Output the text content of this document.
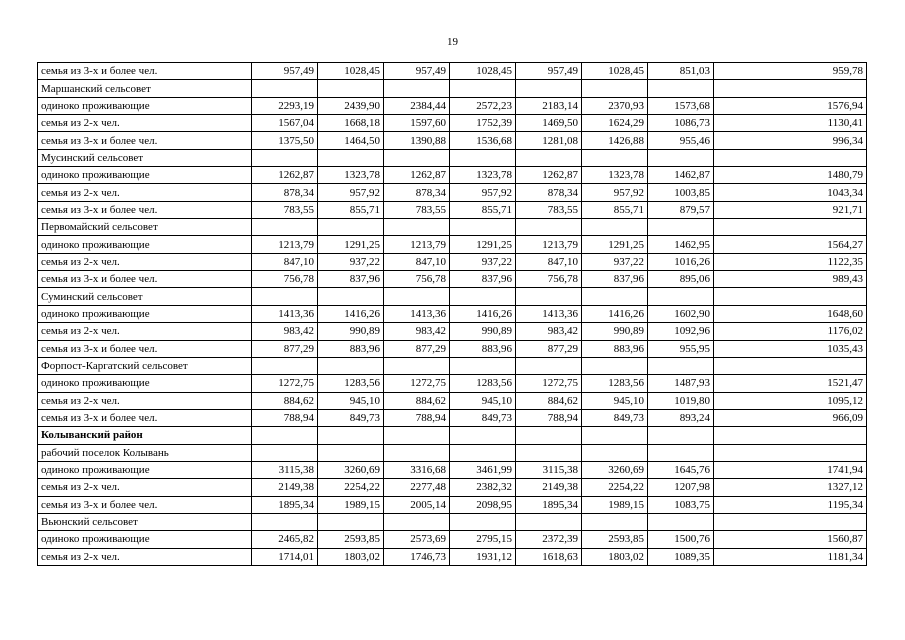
19
семья из 3-х и более чел.	957,49	1028,45	957,49	1028,45	957,49	1028,45	851,03	959,78
Маршанский сельсовет								
одиноко проживающие	2293,19	2439,90	2384,44	2572,23	2183,14	2370,93	1573,68	1576,94
семья из 2-х чел.	1567,04	1668,18	1597,60	1752,39	1469,50	1624,29	1086,73	1130,41
семья из 3-х и более чел.	1375,50	1464,50	1390,88	1536,68	1281,08	1426,88	955,46	996,34
Мусинский сельсовет								
одиноко проживающие	1262,87	1323,78	1262,87	1323,78	1262,87	1323,78	1462,87	1480,79
семья из 2-х чел.	878,34	957,92	878,34	957,92	878,34	957,92	1003,85	1043,34
семья из 3-х и более чел.	783,55	855,71	783,55	855,71	783,55	855,71	879,57	921,71
Первомайский сельсовет								
одиноко проживающие	1213,79	1291,25	1213,79	1291,25	1213,79	1291,25	1462,95	1564,27
семья из 2-х чел.	847,10	937,22	847,10	937,22	847,10	937,22	1016,26	1122,35
семья из 3-х и более чел.	756,78	837,96	756,78	837,96	756,78	837,96	895,06	989,43
Суминский сельсовет								
одиноко проживающие	1413,36	1416,26	1413,36	1416,26	1413,36	1416,26	1602,90	1648,60
семья из 2-х чел.	983,42	990,89	983,42	990,89	983,42	990,89	1092,96	1176,02
семья из 3-х и более чел.	877,29	883,96	877,29	883,96	877,29	883,96	955,95	1035,43
Форпост-Каргатский сельсовет								
одиноко проживающие	1272,75	1283,56	1272,75	1283,56	1272,75	1283,56	1487,93	1521,47
семья из 2-х чел.	884,62	945,10	884,62	945,10	884,62	945,10	1019,80	1095,12
семья из 3-х и более чел.	788,94	849,73	788,94	849,73	788,94	849,73	893,24	966,09
Колыванский район								
рабочий поселок Колывань								
одиноко проживающие	3115,38	3260,69	3316,68	3461,99	3115,38	3260,69	1645,76	1741,94
семья из 2-х чел.	2149,38	2254,22	2277,48	2382,32	2149,38	2254,22	1207,98	1327,12
семья из 3-х и более чел.	1895,34	1989,15	2005,14	2098,95	1895,34	1989,15	1083,75	1195,34
Вьюнский сельсовет								
одиноко проживающие	2465,82	2593,85	2573,69	2795,15	2372,39	2593,85	1500,76	1560,87
семья из 2-х чел.	1714,01	1803,02	1746,73	1931,12	1618,63	1803,02	1089,35	1181,34
